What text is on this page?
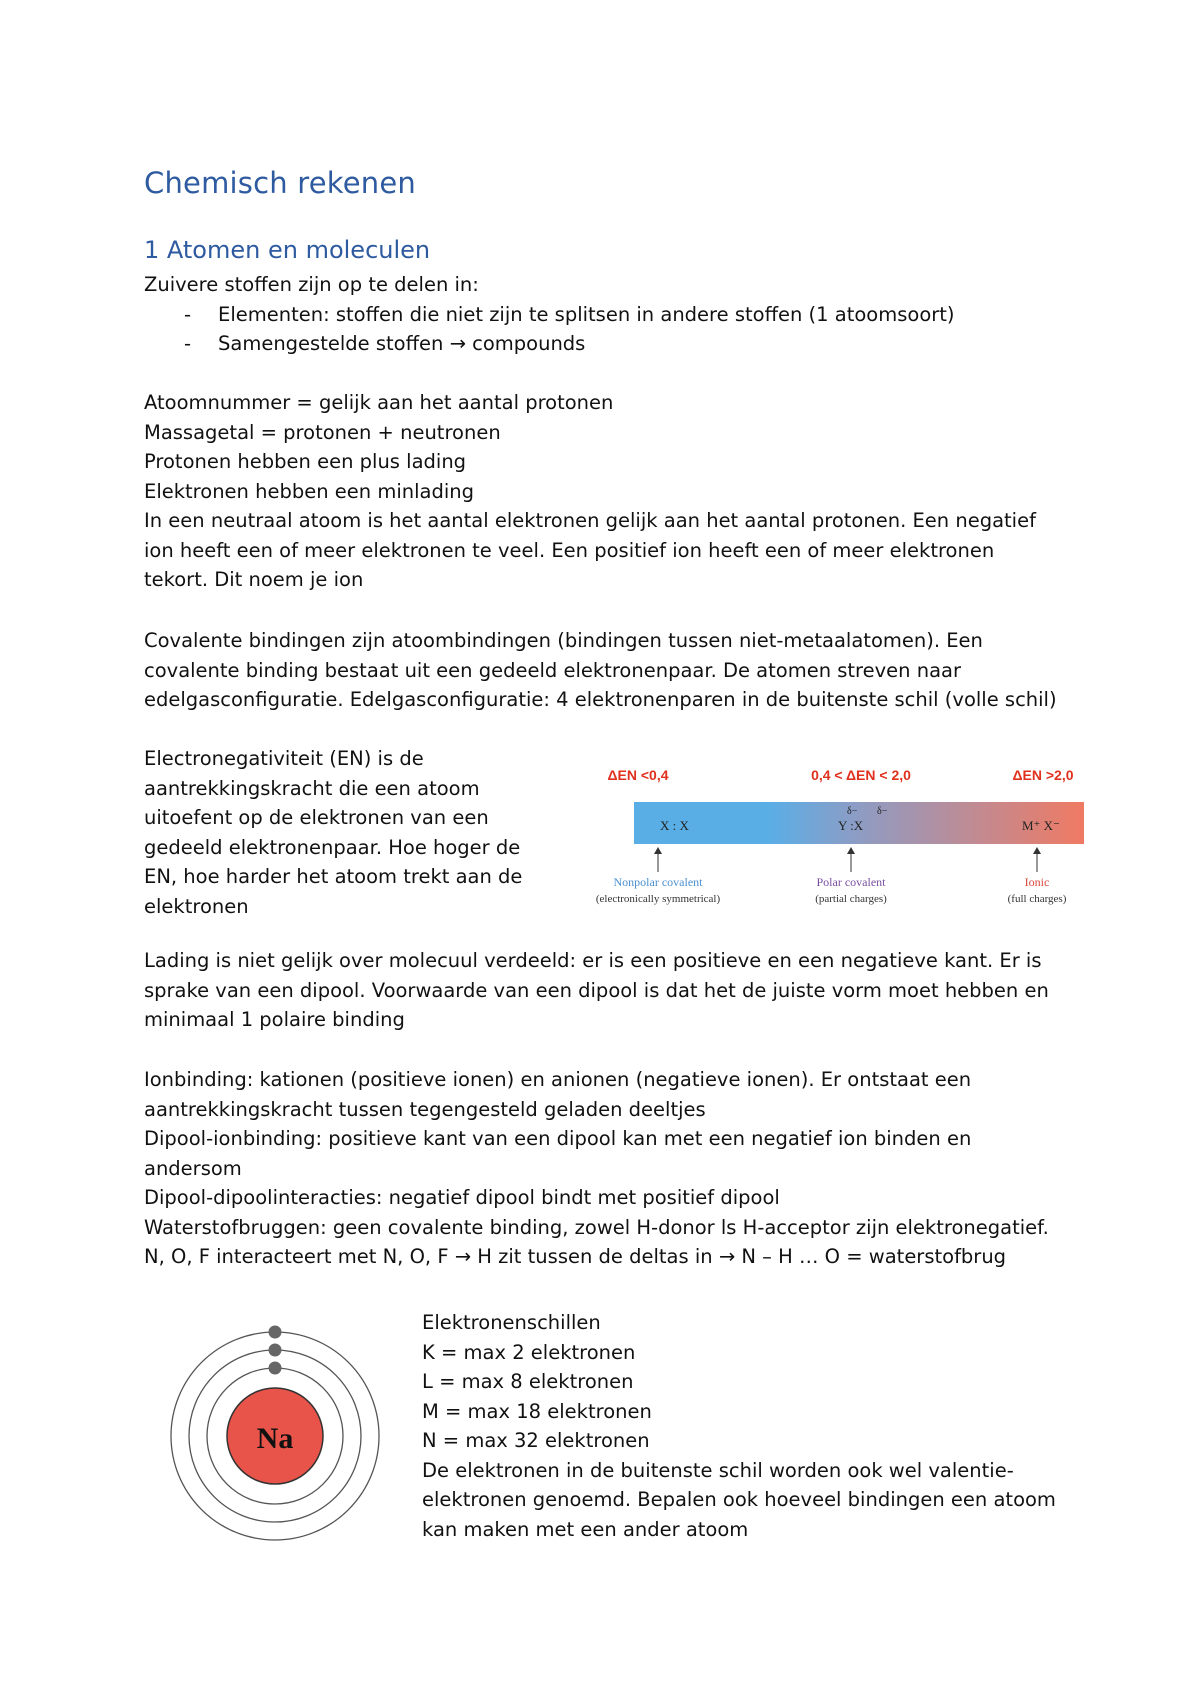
Chemisch rekenen
1 Atomen en moleculen
Zuivere stoffen zijn op te delen in:
- Elementen: stoffen die niet zijn te splitsen in andere stoffen (1 atoomsoort)
- Samengestelde stoffen → compounds
Atoomnummer = gelijk aan het aantal protonen
Massagetal = protonen + neutronen
Protonen hebben een plus lading
Elektronen hebben een minlading
In een neutraal atoom is het aantal elektronen gelijk aan het aantal protonen. Een negatief
ion heeft een of meer elektronen te veel. Een positief ion heeft een of meer elektronen
tekort. Dit noem je ion
Covalente bindingen zijn atoombindingen (bindingen tussen niet-metaalatomen). Een
covalente binding bestaat uit een gedeeld elektronenpaar. De atomen streven naar
edelgasconfiguratie. Edelgasconfiguratie: 4 elektronenparen in de buitenste schil (volle schil)
Electronegativiteit (EN) is de
aantrekkingskracht die een atoom
uitoefent op de elektronen van een
gedeeld elektronenpaar. Hoe hoger de
EN, hoe harder het atoom trekt aan de
elektronen
ΔEN <0,4	0,4 < ΔEN < 2,0	ΔEN >2,0
X : X
δ− δ−
Y :X	M⁺ X⁻
Nonpolar covalent
(electronically symmetrical)
Polar covalent
(partial charges)
Ionic
(full charges)
Lading is niet gelijk over molecuul verdeeld: er is een positieve en een negatieve kant. Er is
sprake van een dipool. Voorwaarde van een dipool is dat het de juiste vorm moet hebben en
minimaal 1 polaire binding
Ionbinding: kationen (positieve ionen) en anionen (negatieve ionen). Er ontstaat een
aantrekkingskracht tussen tegengesteld geladen deeltjes
Dipool-ionbinding: positieve kant van een dipool kan met een negatief ion binden en
andersom
Dipool-dipoolinteracties: negatief dipool bindt met positief dipool
Waterstofbruggen: geen covalente binding, zowel H-donor ls H-acceptor zijn elektronegatief.
N, O, F interacteert met N, O, F → H zit tussen de deltas in → N – H … O = waterstofbrug
Na
Elektronenschillen
K = max 2 elektronen
L = max 8 elektronen
M = max 18 elektronen
N = max 32 elektronen
De elektronen in de buitenste schil worden ook wel valentie-
elektronen genoemd. Bepalen ook hoeveel bindingen een atoom
kan maken met een ander atoom
